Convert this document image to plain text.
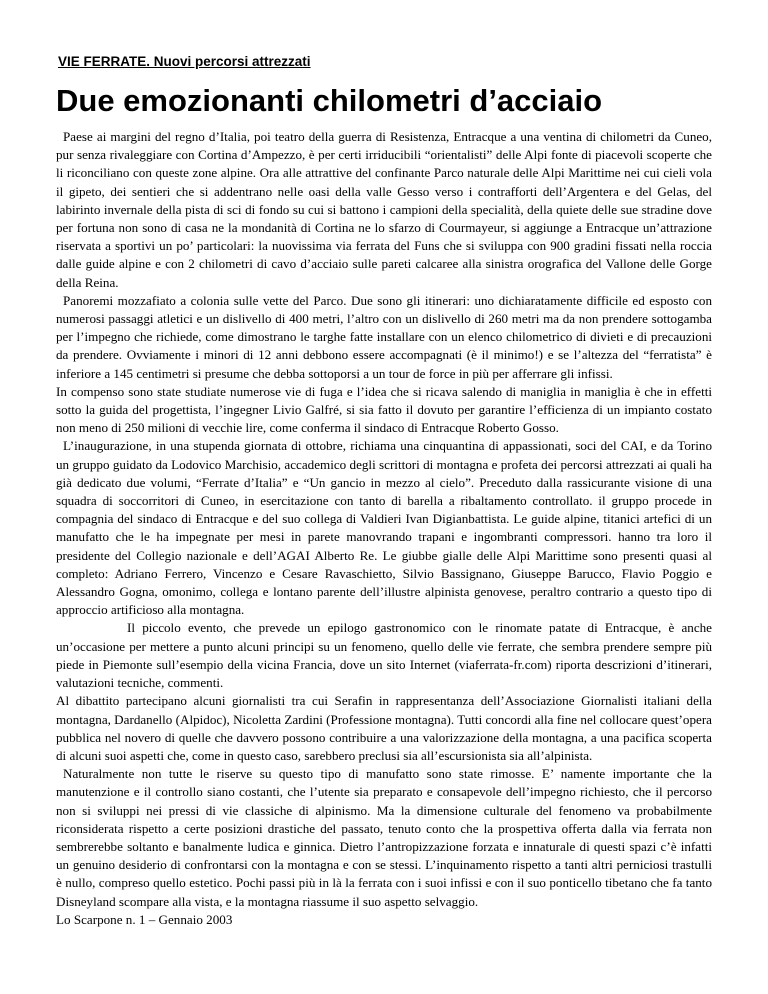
VIE FERRATE. Nuovi percorsi attrezzati
Due emozionanti chilometri d’acciaio

Paese ai margini del regno d’Italia, poi teatro della guerra di Resistenza, Entracque a una ventina di chilometri da Cuneo, pur senza rivaleggiare con Cortina d’Ampezzo, è per certi irriducibili “orientalisti” delle Alpi fonte di piacevoli scoperte che li riconciliano con queste zone alpine. Ora alle attrattive del confinante Parco naturale delle Alpi Marittime nei cui cieli vola il gipeto, dei sentieri che si addentrano nelle oasi della valle Gesso verso i contrafforti dell’Argentera e del Gelas, del labirinto invernale della pista di sci di fondo su cui si battono i campioni della specialità, della quiete delle sue stradine dove per fortuna non sono di casa ne la mondanità di Cortina ne lo sfarzo di Courmayeur, si aggiunge a Entracque un’attrazione riservata a sportivi un po’ particolari: la nuovissima via ferrata del Funs che si sviluppa con 900 gradini fissati nella roccia dalle guide alpine e con 2 chilometri di cavo d’acciaio sulle pareti calcaree alla sinistra orografica del Vallone delle Gorge della Reina.

Panoremi mozzafiato a colonia sulle vette del Parco. Due sono gli itinerari: uno dichiaratamente difficile ed esposto con numerosi passaggi atletici e un dislivello di 400 metri, l’altro con un dislivello di 260 metri ma da non prendere sottogamba per l’impegno che richiede, come dimostrano le targhe fatte installare con un elenco chilometrico di divieti e di precauzioni da prendere. Ovviamente i minori di 12 anni debbono essere accompagnati (è il minimo!) e se l’altezza del “ferratista” è inferiore a 145 centimetri si presume che debba sottoporsi a un tour de force in più per afferrare gli infissi.

In compenso sono state studiate numerose vie di fuga e l’idea che si ricava salendo di maniglia in maniglia è che in effetti sotto la guida del progettista, l’ingegner Livio Galfré, si sia fatto il dovuto per garantire l’efficienza di un impianto costato non meno di 250 milioni di vecchie lire, come conferma il sindaco di Entracque Roberto Gosso.

L’inaugurazione, in una stupenda giornata di ottobre, richiama una cinquantina di appassionati, soci del CAI, e da Torino un gruppo guidato da Lodovico Marchisio, accademico degli scrittori di montagna e profeta dei percorsi attrezzati ai quali ha già dedicato due volumi, “Ferrate d’Italia” e “Un gancio in mezzo al cielo”. Preceduto dalla rassicurante visione di una squadra di soccorritori di Cuneo, in esercitazione con tanto di barella a ribaltamento controllato. il gruppo procede in compagnia del sindaco di Entracque e del suo collega di Valdieri Ivan Digianbattista. Le guide alpine, titanici artefici di un manufatto che le ha impegnate per mesi in parete manovrando trapani e ingombranti compressori. hanno tra loro il presidente del Collegio nazionale e dell’AGAI Alberto Re. Le giubbe gialle delle Alpi Marittime sono presenti quasi al completo: Adriano Ferrero, Vincenzo e Cesare Ravaschietto, Silvio Bassignano, Giuseppe Barucco, Flavio Poggio e Alessandro Gogna, omonimo, collega e lontano parente dell’illustre alpinista genovese, peraltro contrario a questo tipo di approccio artificioso alla montagna.

Il piccolo evento, che prevede un epilogo gastronomico con le rinomate patate di Entracque, è anche un’occasione per mettere a punto alcuni principi su un fenomeno, quello delle vie ferrate, che sembra prendere sempre più piede in Piemonte sull’esempio della vicina Francia, dove un sito Internet (viaferrata-fr.com) riporta descrizioni d’itinerari, valutazioni tecniche, commenti.

Al dibattito partecipano alcuni giornalisti tra cui Serafin in rappresentanza dell’Associazione Giornalisti italiani della montagna, Dardanello (Alpidoc), Nicoletta Zardini (Professione montagna). Tutti concordi alla fine nel collocare quest’opera pubblica nel novero di quelle che davvero possono contribuire a una valorizzazione della montagna, a una pacifica scoperta di alcuni suoi aspetti che, come in questo caso, sarebbero preclusi sia all’escursionista sia all’alpinista.

Naturalmente non tutte le riserve su questo tipo di manufatto sono state rimosse. E’ namente importante che la manutenzione e il controllo siano costanti, che l’utente sia preparato e consapevole dell’impegno richiesto, che il percorso non si sviluppi nei pressi di vie classiche di alpinismo. Ma la dimensione culturale del fenomeno va probabilmente riconsiderata rispetto a certe posizioni drastiche del passato, tenuto conto che la prospettiva offerta dalla via ferrata non sembrerebbe soltanto e banalmente ludica e ginnica. Dietro l’antropizzazione forzata e innaturale di questi spazi c’è infatti un genuino desiderio di confrontarsi con la montagna e con se stessi. L’inquinamento rispetto a tanti altri perniciosi trastulli è nullo, compreso quello estetico. Pochi passi più in là la ferrata con i suoi infissi e con il suo ponticello tibetano che fa tanto Disneyland scompare alla vista, e la montagna riassume il suo aspetto selvaggio.

Lo Scarpone n. 1 – Gennaio 2003
